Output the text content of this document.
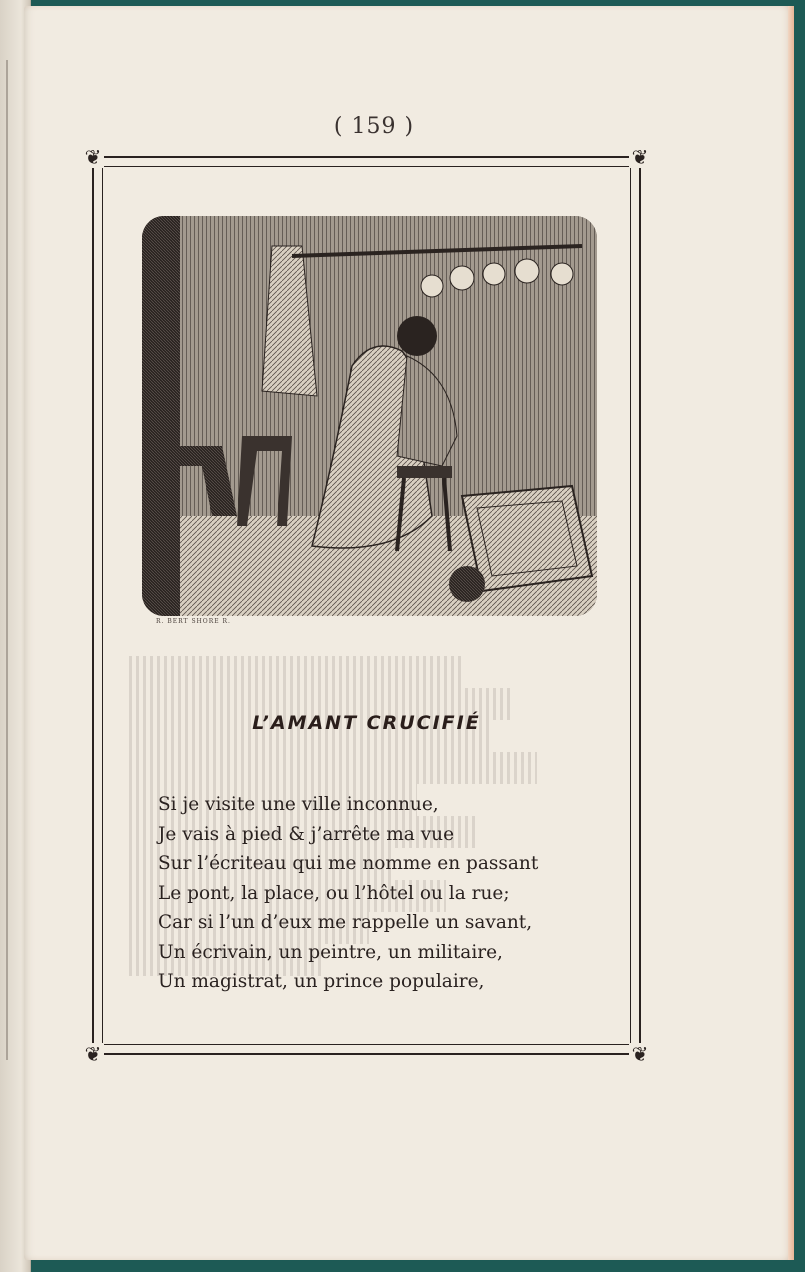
( 159 )
❦	❦
❦	❦
R. BERT SHORE R.
L’AMANT CRUCIFIÉ
Si je visite une ville inconnue,
Je vais à pied & j’arrête ma vue
Sur l’écriteau qui me nomme en passant
Le pont, la place, ou l’hôtel ou la rue;
Car si l’un d’eux me rappelle un savant,
Un écrivain, un peintre, un militaire,
Un magistrat, un prince populaire,
